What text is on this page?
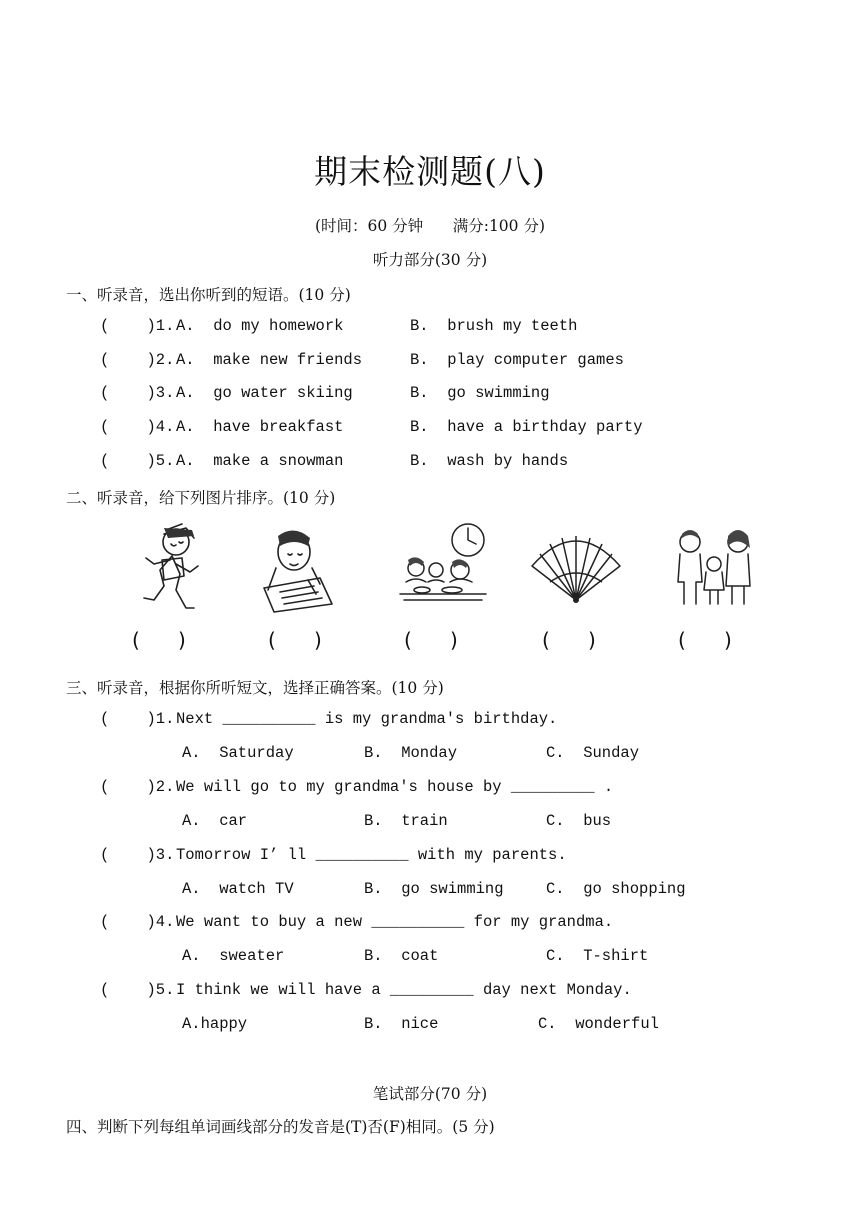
期末检测题(八)
(时间：60 分钟      满分:100 分)
听力部分(30 分)
一、听录音，选出你听到的短语。(10 分)
(    )1. A.  do my homework	B.  brush my teeth
(    )2. A.  make new friends	B.  play computer games
(    )3. A.  go water skiing	B.  go swimming
(    )4. A.  have breakfast	B.  have a birthday party
(    )5. A.  make a snowman	B.  wash by hands
二、听录音，给下列图片排序。(10 分)
(      )	(      )	(      )	(      )	(      )
三、听录音，根据你所听短文，选择正确答案。(10 分)
(    )1. Next __________ is my grandma's birthday.
A.  Saturday	B.  Monday	C.  Sunday
(    )2. We will go to my grandma's house by _________ .
A.  car	B.  train	C.  bus
(    )3. Tomorrow I’ ll __________ with my parents.
A.  watch TV	B.  go swimming	C.  go shopping
(    )4. We want to buy a new __________ for my grandma.
A.  sweater	B.  coat	C.  T-shirt
(    )5. I think we will have a _________ day next Monday.
A.happy	B.  nice	C.  wonderful
笔试部分(70 分)
四、判断下列每组单词画线部分的发音是(T)否(F)相同。(5 分)
